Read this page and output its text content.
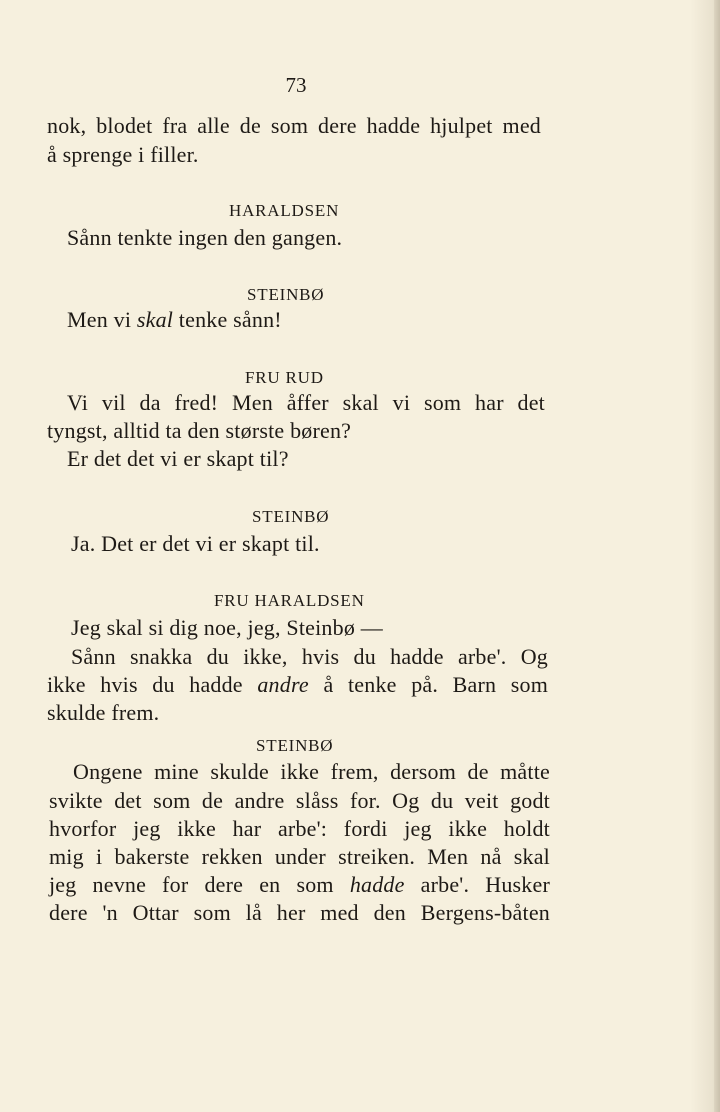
73
nok, blodet fra alle de som dere hadde hjulpet med
å sprenge i filler.
HARALDSEN
Sånn tenkte ingen den gangen.
STEINBØ
Men vi skal tenke sånn!
FRU RUD
Vi vil da fred! Men åffer skal vi som har det
tyngst, alltid ta den største børen?
Er det det vi er skapt til?
STEINBØ
Ja. Det er det vi er skapt til.
FRU HARALDSEN
Jeg skal si dig noe, jeg, Steinbø —
Sånn snakka du ikke, hvis du hadde arbe'. Og
ikke hvis du hadde andre å tenke på. Barn som
skulde frem.
STEINBØ
Ongene mine skulde ikke frem, dersom de måtte
svikte det som de andre slåss for. Og du veit godt
hvorfor jeg ikke har arbe': fordi jeg ikke holdt
mig i bakerste rekken under streiken. Men nå skal
jeg nevne for dere en som hadde arbe'. Husker
dere 'n Ottar som lå her med den Bergens-båten
